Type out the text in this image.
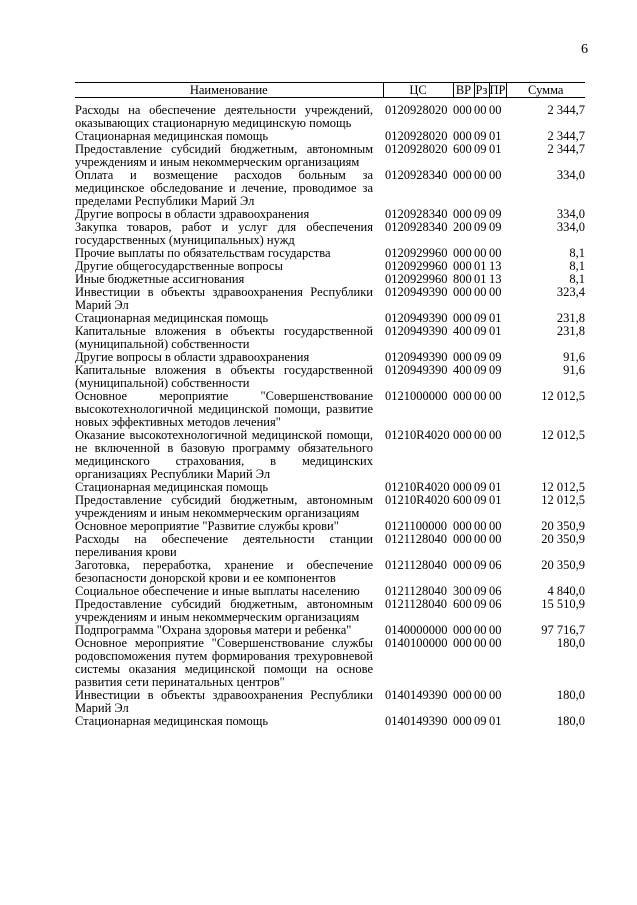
6
Наименование	ЦС	ВР	Рз	ПР	Сумма
Расходы на обеспечение деятельности учреждений, оказывающих стационарную медицинскую помощь	0120928020	000	00	00	2 344,7
Стационарная медицинская помощь	0120928020	000	09	01	2 344,7
Предоставление субсидий бюджетным, автономным учреждениям и иным некоммерческим организациям	0120928020	600	09	01	2 344,7
Оплата и возмещение расходов больным за медицинское обследование и лечение, проводимое за пределами Республики Марий Эл	0120928340	000	00	00	334,0
Другие вопросы в области здравоохранения	0120928340	000	09	09	334,0
Закупка товаров, работ и услуг для обеспечения государственных (муниципальных) нужд	0120928340	200	09	09	334,0
Прочие выплаты по обязательствам государства	0120929960	000	00	00	8,1
Другие общегосударственные вопросы	0120929960	000	01	13	8,1
Иные бюджетные ассигнования	0120929960	800	01	13	8,1
Инвестиции в объекты здравоохранения Республики Марий Эл	0120949390	000	00	00	323,4
Стационарная медицинская помощь	0120949390	000	09	01	231,8
Капитальные вложения в объекты государственной (муниципальной) собственности	0120949390	400	09	01	231,8
Другие вопросы в области здравоохранения	0120949390	000	09	09	91,6
Капитальные вложения в объекты государственной (муниципальной) собственности	0120949390	400	09	09	91,6
Основное мероприятие "Совершенствование высокотехнологичной медицинской помощи, развитие новых эффективных методов лечения"	0121000000	000	00	00	12 012,5
Оказание высокотехнологичной медицинской помощи, не включенной в базовую программу обязательного медицинского страхования, в медицинских организациях Республики Марий Эл	01210R4020	000	00	00	12 012,5
Стационарная медицинская помощь	01210R4020	000	09	01	12 012,5
Предоставление субсидий бюджетным, автономным учреждениям и иным некоммерческим организациям	01210R4020	600	09	01	12 012,5
Основное мероприятие "Развитие службы крови"	0121100000	000	00	00	20 350,9
Расходы на обеспечение деятельности станции переливания крови	0121128040	000	00	00	20 350,9
Заготовка, переработка, хранение и обеспечение безопасности донорской крови и ее компонентов	0121128040	000	09	06	20 350,9
Социальное обеспечение и иные выплаты населению	0121128040	300	09	06	4 840,0
Предоставление субсидий бюджетным, автономным учреждениям и иным некоммерческим организациям	0121128040	600	09	06	15 510,9
Подпрограмма "Охрана здоровья матери и ребенка"	0140000000	000	00	00	97 716,7
Основное мероприятие "Совершенствование службы родовспоможения путем формирования трехуровневой системы оказания медицинской помощи на основе развития сети перинатальных центров"	0140100000	000	00	00	180,0
Инвестиции в объекты здравоохранения Республики Марий Эл	0140149390	000	00	00	180,0
Стационарная медицинская помощь	0140149390	000	09	01	180,0
